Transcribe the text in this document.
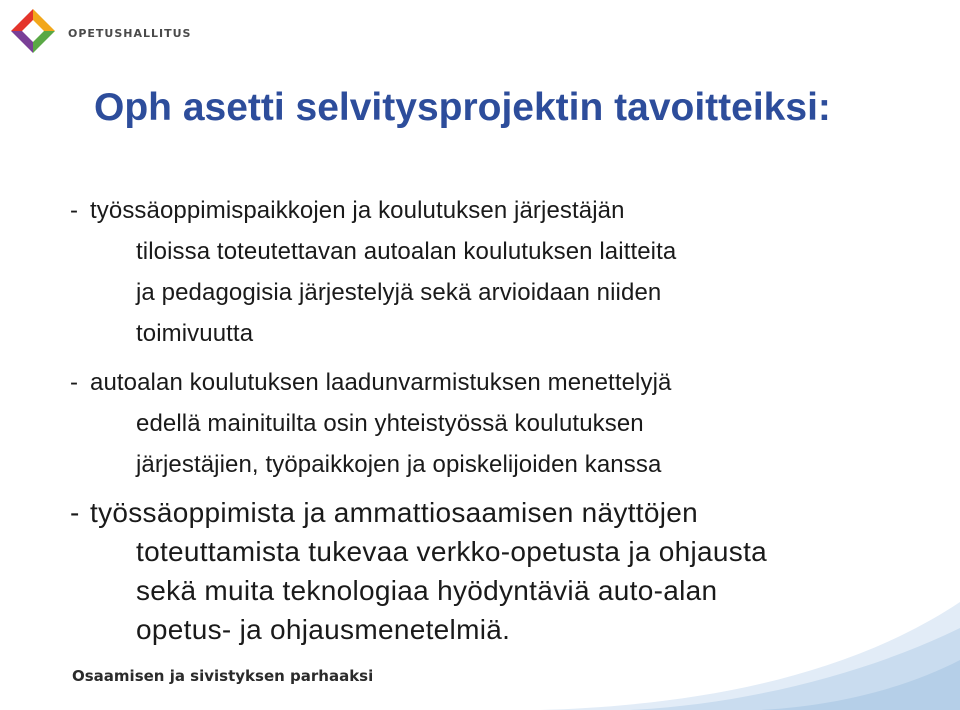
OPETUSHALLITUS
Oph asetti selvitysprojektin tavoitteiksi:
- työssäoppimispaikkojen ja koulutuksen järjestäjän
tiloissa toteutettavan autoalan koulutuksen laitteita
ja pedagogisia järjestelyjä sekä arvioidaan niiden
toimivuutta
- autoalan koulutuksen laadunvarmistuksen menettelyjä
edellä mainituilta osin yhteistyössä koulutuksen
järjestäjien, työpaikkojen ja opiskelijoiden kanssa
- työssäoppimista ja ammattiosaamisen näyttöjen
toteuttamista tukevaa verkko-opetusta ja ohjausta
sekä muita teknologiaa hyödyntäviä auto-alan
opetus- ja ohjausmenetelmiä.
Osaamisen ja sivistyksen parhaaksi
